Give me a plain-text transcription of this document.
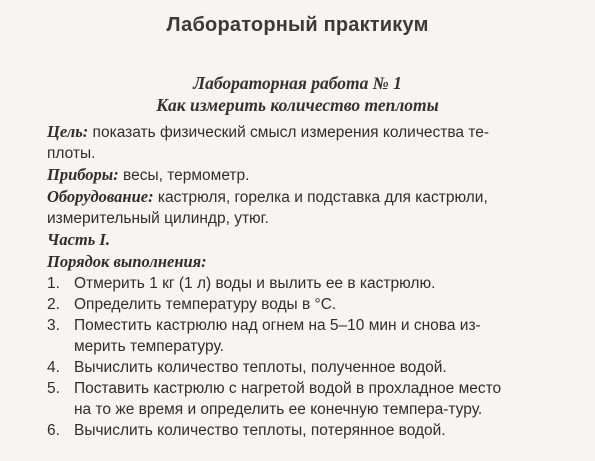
Лабораторный практикум
Лабораторная работа № 1
Как измерить количество теплоты
Цель: показать физический смысл измерения количества те-
плоты.
Приборы: весы, термометр.
Оборудование: кастрюля, горелка и подставка для кастрюли,
измерительный цилиндр, утюг.
Часть I.
Порядок выполнения:
1. Отмерить 1 кг (1 л) воды и вылить ее в кастрюлю.
2. Определить температуру воды в °С.
3. Поместить кастрюлю над огнем на 5–10 мин и снова из-
мерить температуру.
4. Вычислить количество теплоты, полученное водой.
5. Поставить кастрюлю с нагретой водой в прохладное место
на то же время и определить ее конечную темпера-туру.
6. Вычислить количество теплоты, потерянное водой.
